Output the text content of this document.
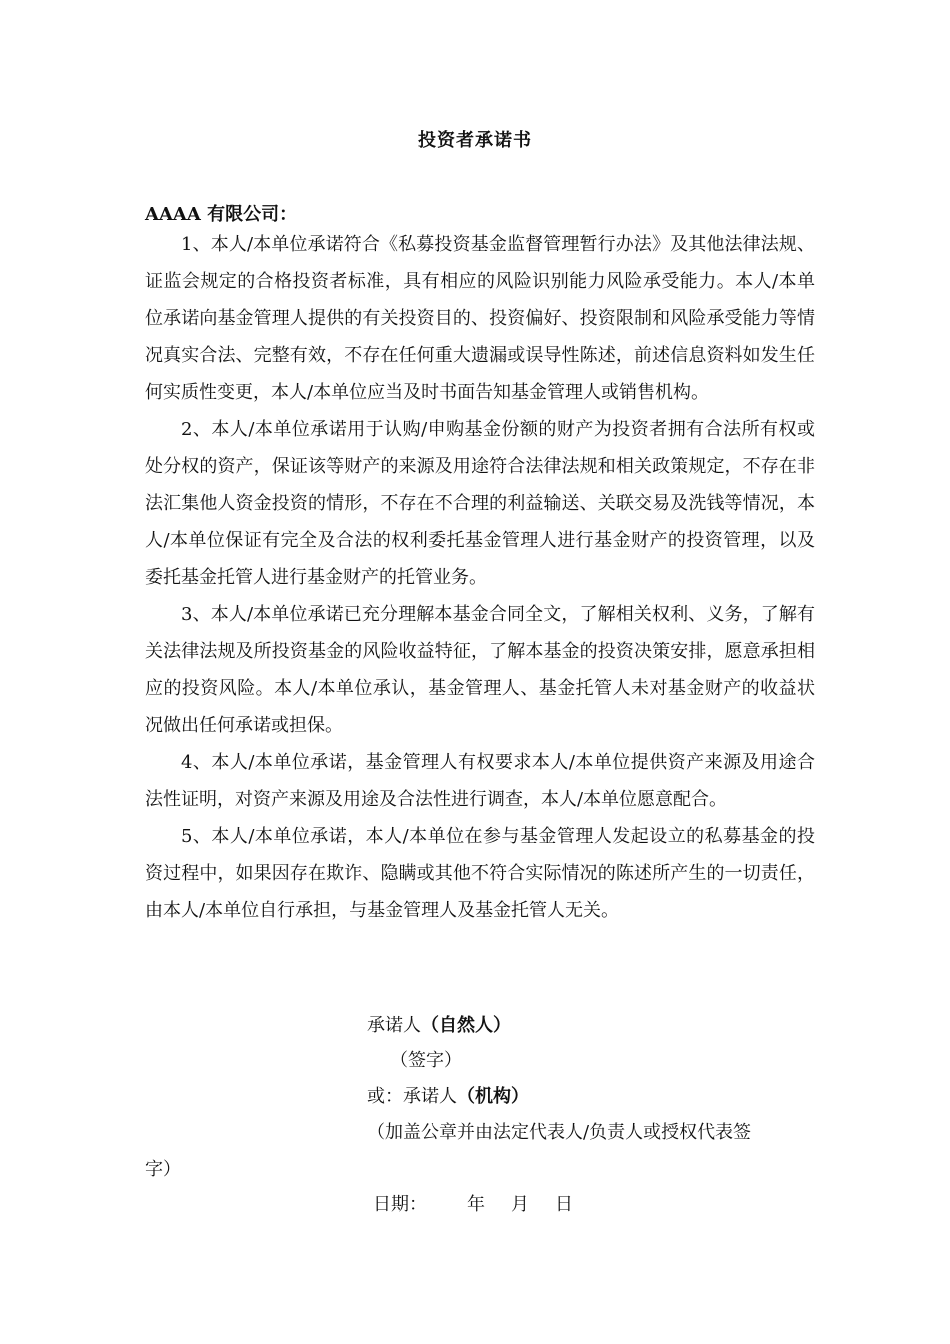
投资者承诺书
AAAA 有限公司：

1、本人/本单位承诺符合《私募投资基金监督管理暂行办法》及其他法律法规、证监会规定的合格投资者标准，具有相应的风险识别能力风险承受能力。本人/本单位承诺向基金管理人提供的有关投资目的、投资偏好、投资限制和风险承受能力等情况真实合法、完整有效，不存在任何重大遗漏或误导性陈述，前述信息资料如发生任何实质性变更，本人/本单位应当及时书面告知基金管理人或销售机构。

2、本人/本单位承诺用于认购/申购基金份额的财产为投资者拥有合法所有权或处分权的资产，保证该等财产的来源及用途符合法律法规和相关政策规定，不存在非法汇集他人资金投资的情形，不存在不合理的利益输送、关联交易及洗钱等情况，本人/本单位保证有完全及合法的权利委托基金管理人进行基金财产的投资管理，以及委托基金托管人进行基金财产的托管业务。

3、本人/本单位承诺已充分理解本基金合同全文，了解相关权利、义务，了解有关法律法规及所投资基金的风险收益特征，了解本基金的投资决策安排，愿意承担相应的投资风险。本人/本单位承认，基金管理人、基金托管人未对基金财产的收益状况做出任何承诺或担保。

4、本人/本单位承诺，基金管理人有权要求本人/本单位提供资产来源及用途合法性证明，对资产来源及用途及合法性进行调查，本人/本单位愿意配合。

5、本人/本单位承诺，本人/本单位在参与基金管理人发起设立的私募基金的投资过程中，如果因存在欺诈、隐瞒或其他不符合实际情况的陈述所产生的一切责任，由本人/本单位自行承担，与基金管理人及基金托管人无关。

承诺人（自然人）
（签字）
或：承诺人（机构）
（加盖公章并由法定代表人/负责人或授权代表签
字）
日期： 年 月 日
